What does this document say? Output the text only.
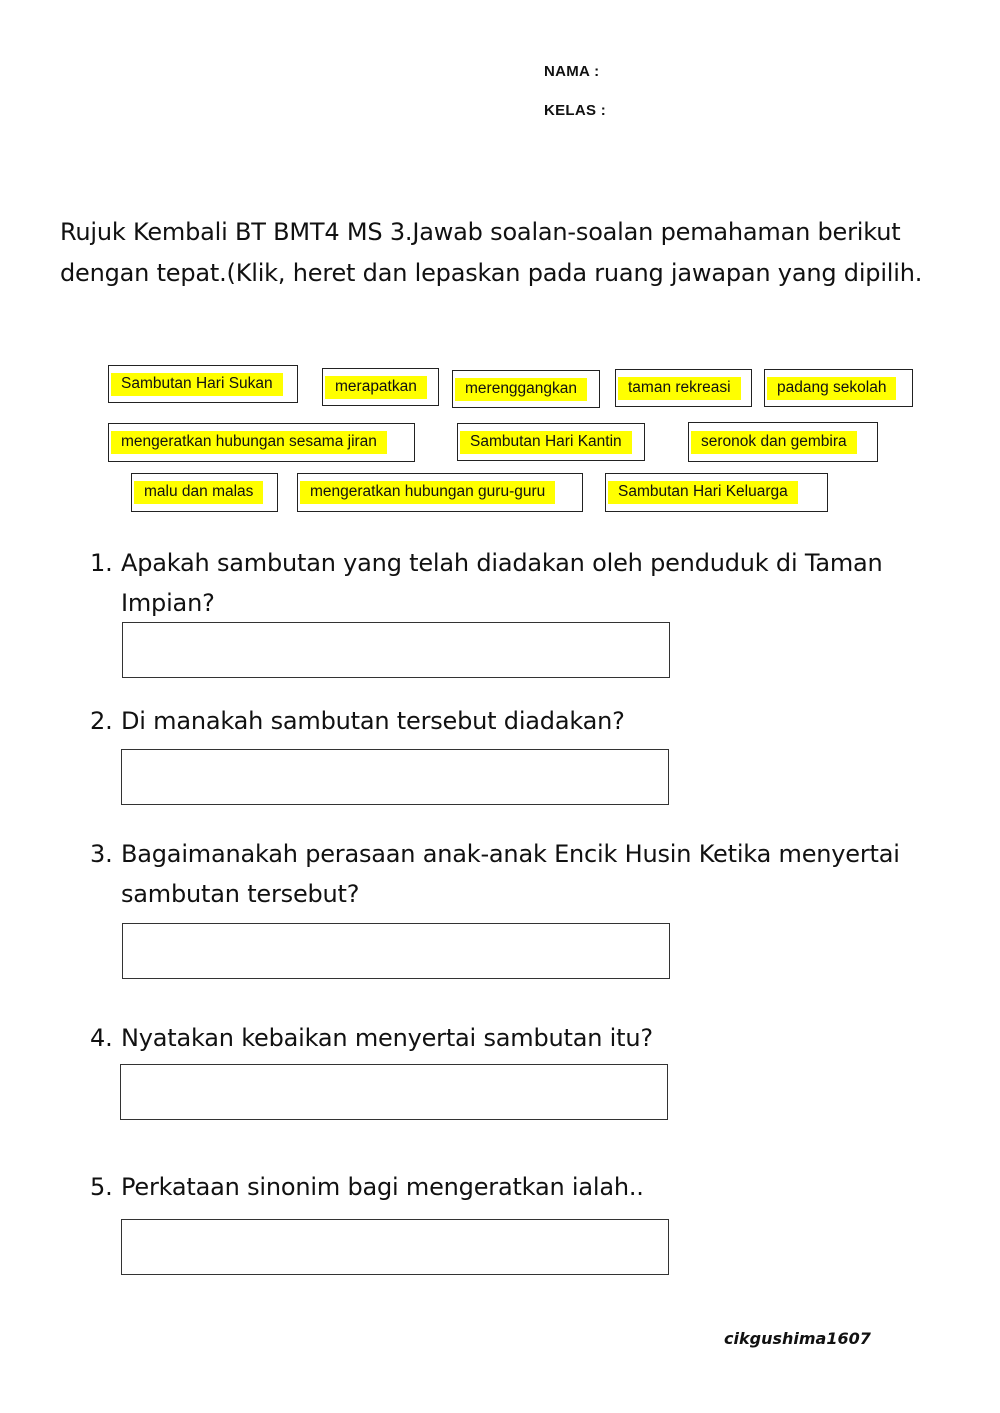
NAMA :
KELAS :
Rujuk Kembali BT BMT4 MS 3.Jawab soalan-soalan pemahaman berikut dengan tepat.(Klik, heret dan lepaskan pada ruang jawapan yang dipilih.
Sambutan Hari Sukan	merapatkan	merenggangkan	taman rekreasi	padang sekolah
mengeratkan hubungan sesama jiran	Sambutan Hari Kantin	seronok dan gembira
malu dan malas	mengeratkan hubungan guru-guru	Sambutan Hari Keluarga
1. Apakah sambutan yang telah diadakan oleh penduduk di Taman Impian?
2. Di manakah sambutan tersebut diadakan?
3. Bagaimanakah perasaan anak-anak Encik Husin Ketika menyertai sambutan tersebut?
4. Nyatakan kebaikan menyertai sambutan itu?
5. Perkataan sinonim bagi mengeratkan ialah..
cikgushima1607
